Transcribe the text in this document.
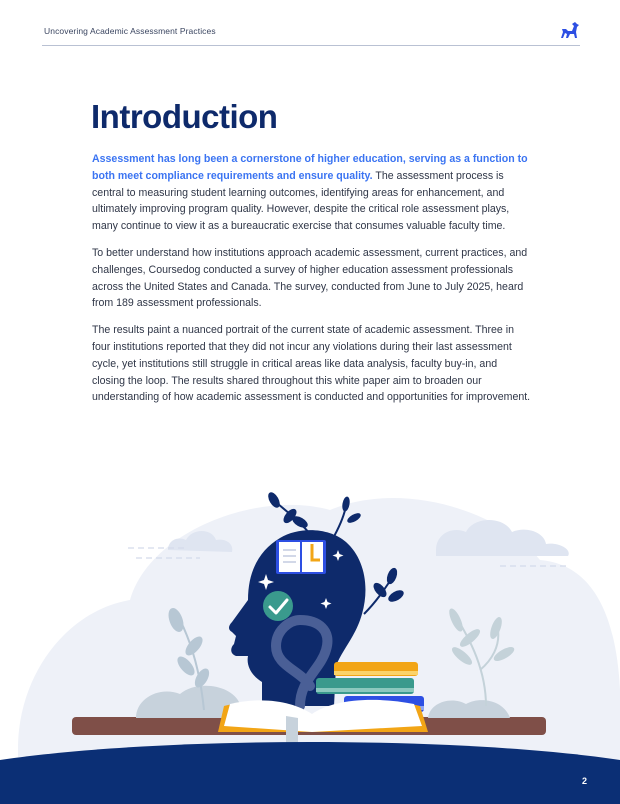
Uncovering Academic Assessment Practices
Introduction

Assessment has long been a cornerstone of higher education, serving as a function to both meet compliance requirements and ensure quality. The assessment process is central to measuring student learning outcomes, identifying areas for enhancement, and ultimately improving program quality. However, despite the critical role assessment plays, many continue to view it as a bureaucratic exercise that consumes valuable faculty time.

To better understand how institutions approach academic assessment, current practices, and challenges, Coursedog conducted a survey of higher education assessment professionals across the United States and Canada. The survey, conducted from June to July 2025, heard from 189 assessment professionals.

The results paint a nuanced portrait of the current state of academic assessment. Three in four institutions reported that they did not incur any violations during their last assessment cycle, yet institutions still struggle in critical areas like data analysis, faculty buy-in, and closing the loop. The results shared throughout this white paper aim to broaden our understanding of how academic assessment is conducted and opportunities for improvement.

2
